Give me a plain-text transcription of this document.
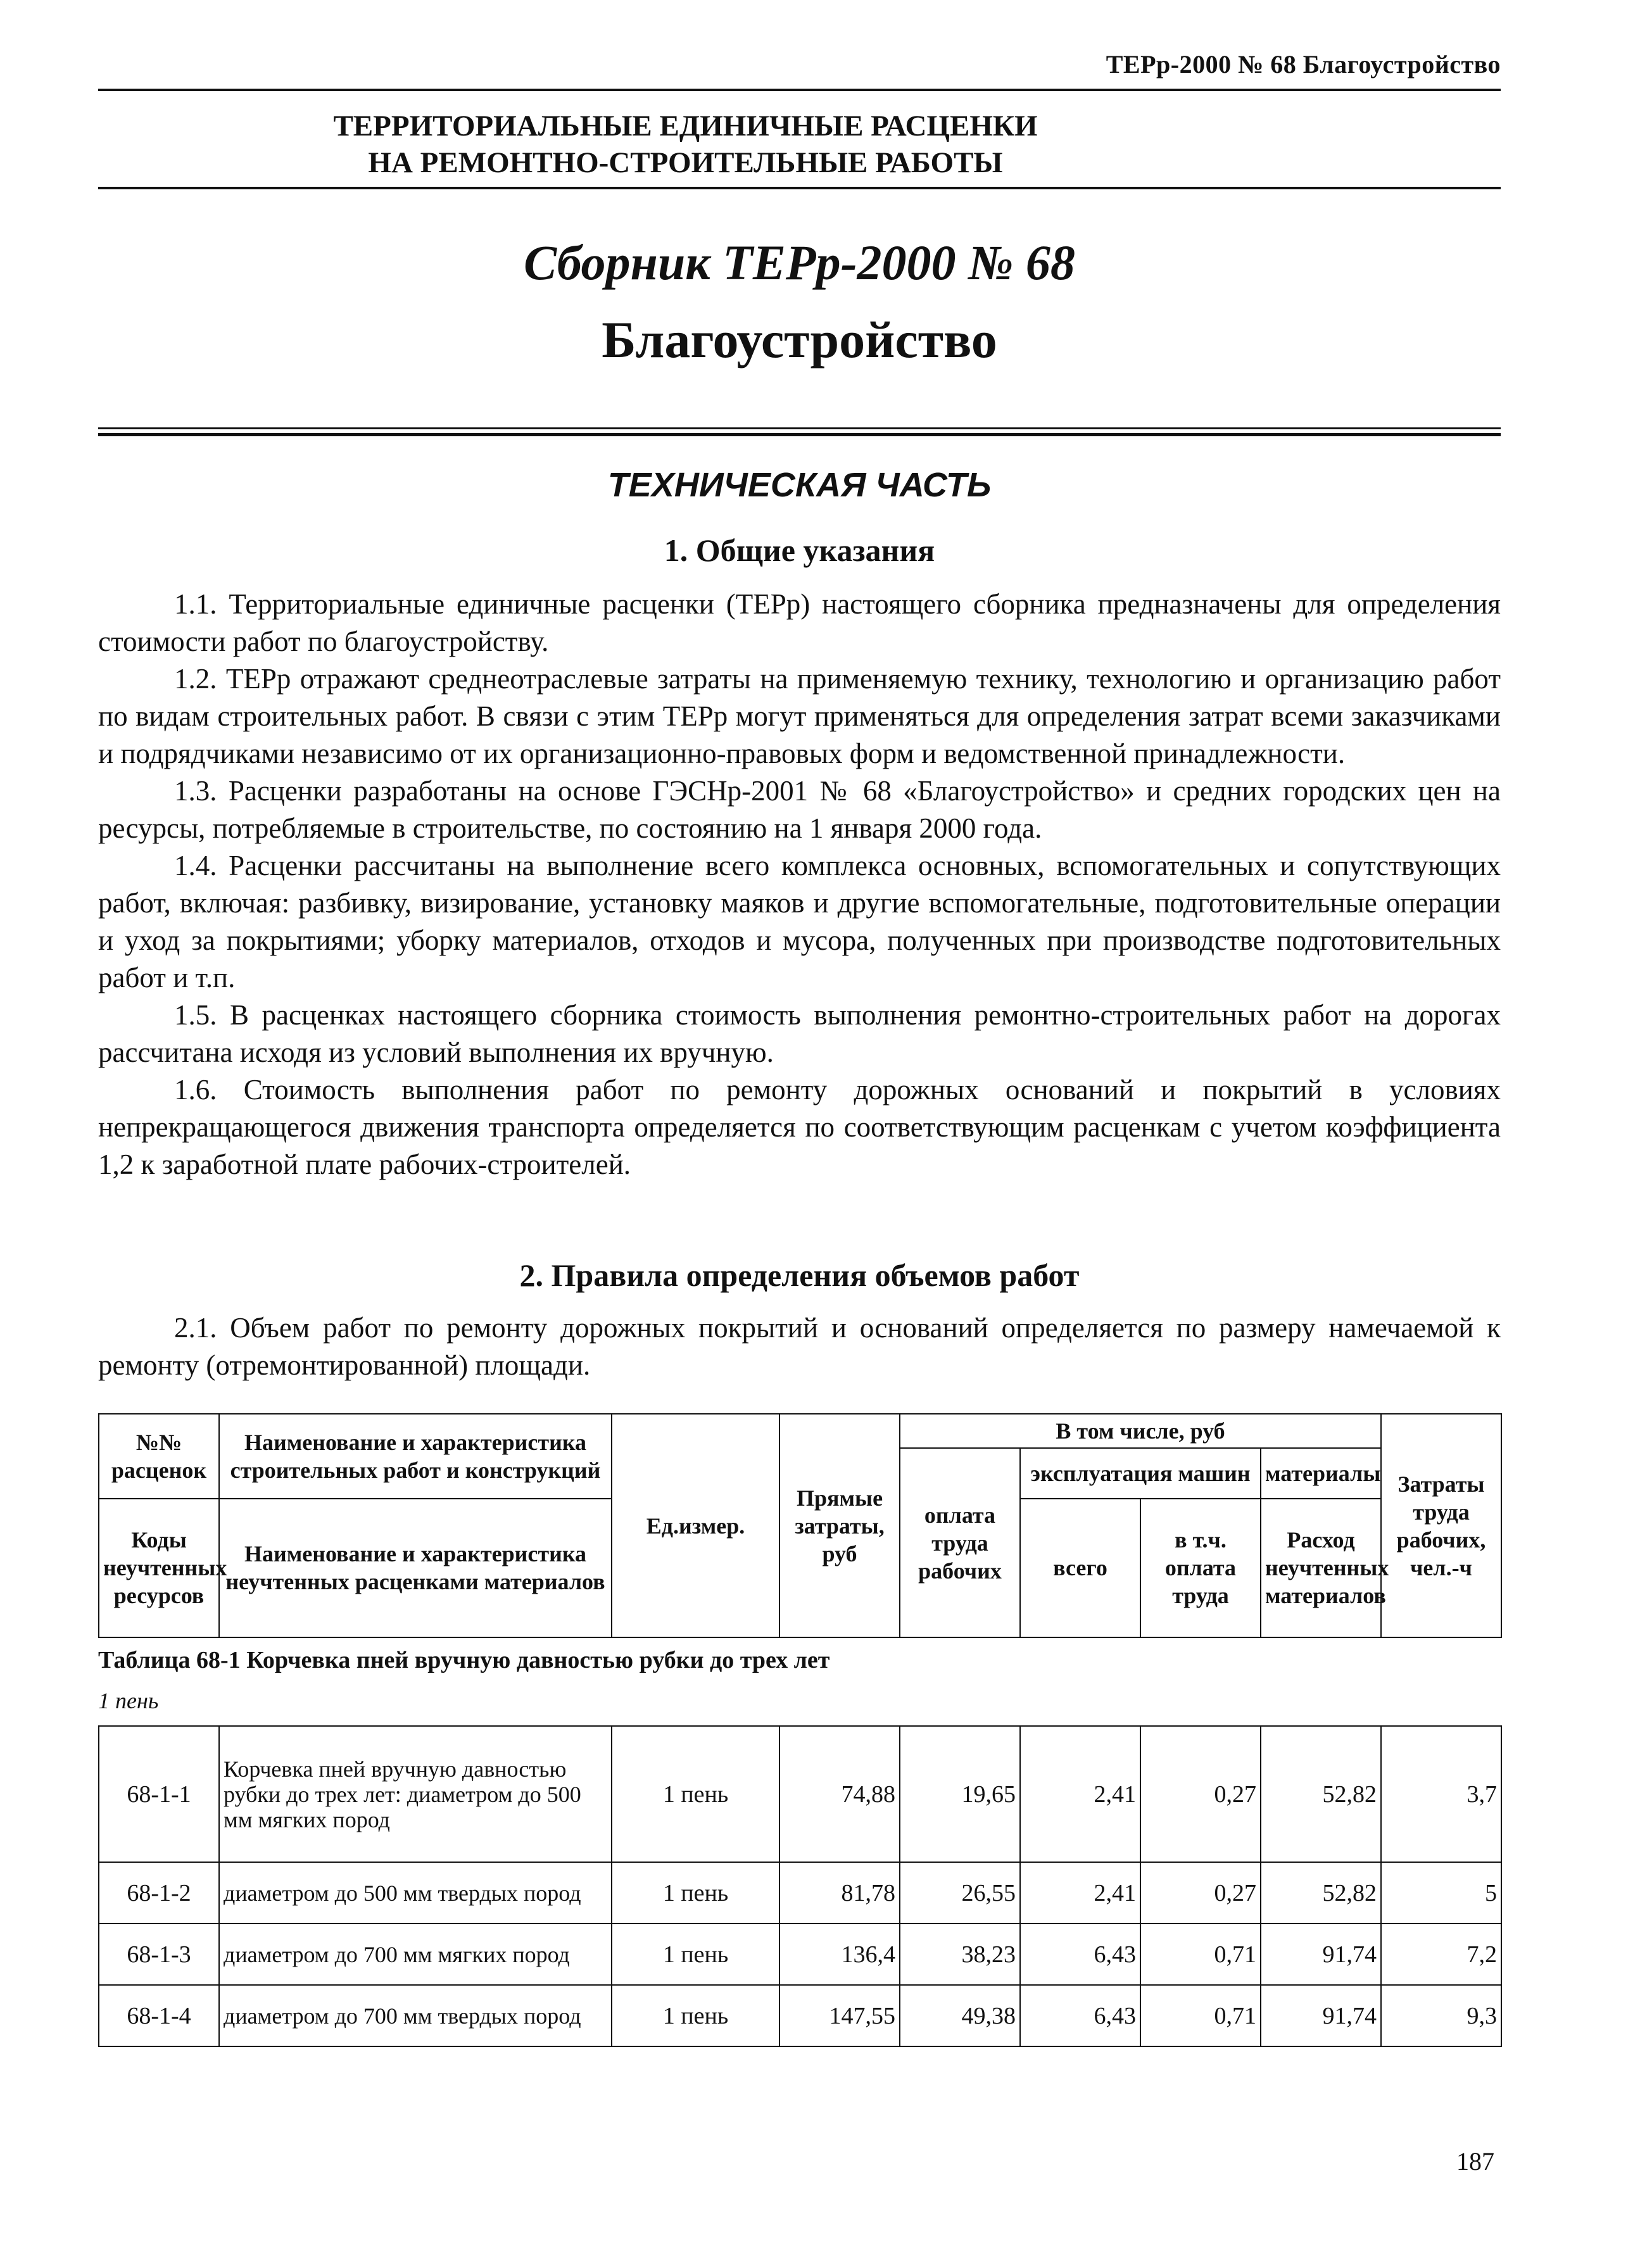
ТЕРр-2000 № 68 Благоустройство
ТЕРРИТОРИАЛЬНЫЕ ЕДИНИЧНЫЕ РАСЦЕНКИ
НА РЕМОНТНО-СТРОИТЕЛЬНЫЕ РАБОТЫ
Сборник ТЕРр-2000 № 68
Благоустройство
ТЕХНИЧЕСКАЯ ЧАСТЬ
1. Общие указания

1.1. Территориальные единичные расценки (ТЕРр) настоящего сборника предназначены для определения стоимости работ по благоустройству.

1.2. ТЕРр отражают среднеотраслевые затраты на применяемую технику, технологию и организацию работ по видам строительных работ. В связи с этим ТЕРр могут применяться для определения затрат всеми заказчиками и подрядчиками независимо от их организационно-правовых форм и ведомственной принадлежности.

1.3. Расценки разработаны на основе ГЭСНр-2001 № 68 «Благоустройство» и средних городских цен на ресурсы, потребляемые в строительстве, по состоянию на 1 января 2000 года.

1.4. Расценки рассчитаны на выполнение всего комплекса основных, вспомогательных и сопутствующих работ, включая: разбивку, визирование, установку маяков и другие вспомогательные, подготовительные операции и уход за покрытиями; уборку материалов, отходов и мусора, полученных при производстве подготовительных работ и т.п.

1.5. В расценках настоящего сборника стоимость выполнения ремонтно-строительных работ на дорогах рассчитана исходя из условий выполнения их вручную.

1.6. Стоимость выполнения работ по ремонту дорожных оснований и покрытий в условиях непрекращающегося движения транспорта определяется по соответствующим расценкам с учетом коэффициента 1,2 к заработной плате рабочих-строителей.

2. Правила определения объемов работ

2.1. Объем работ по ремонту дорожных покрытий и оснований определяется по размеру намечаемой к ремонту (отремонтированной) площади.

№№ расценок	Наименование и характеристика строительных работ и конструкций	Ед.измер.	Прямые затраты, руб	В том числе, руб				Затраты труда рабочих, чел.-ч
				оплата труда рабочих	эксплуатация машин		материалы	

Коды неучтенных ресурсов	Наименование и характеристика неучтенных расценками материалов				всего	в т.ч. оплата труда	Расход неучтенных материалов	

Таблица 68-1 Корчевка пней вручную давностью рубки до трех лет
1 пень
68-1-1	Корчевка пней вручную давностью рубки до трех лет: диаметром до 500 мм мягких пород	1 пень	74,88	19,65	2,41	0,27	52,82	3,7
68-1-2	диаметром до 500 мм твердых пород	1 пень	81,78	26,55	2,41	0,27	52,82	5
68-1-3	диаметром до 700 мм мягких пород	1 пень	136,4	38,23	6,43	0,71	91,74	7,2
68-1-4	диаметром до 700 мм твердых пород	1 пень	147,55	49,38	6,43	0,71	91,74	9,3
187
